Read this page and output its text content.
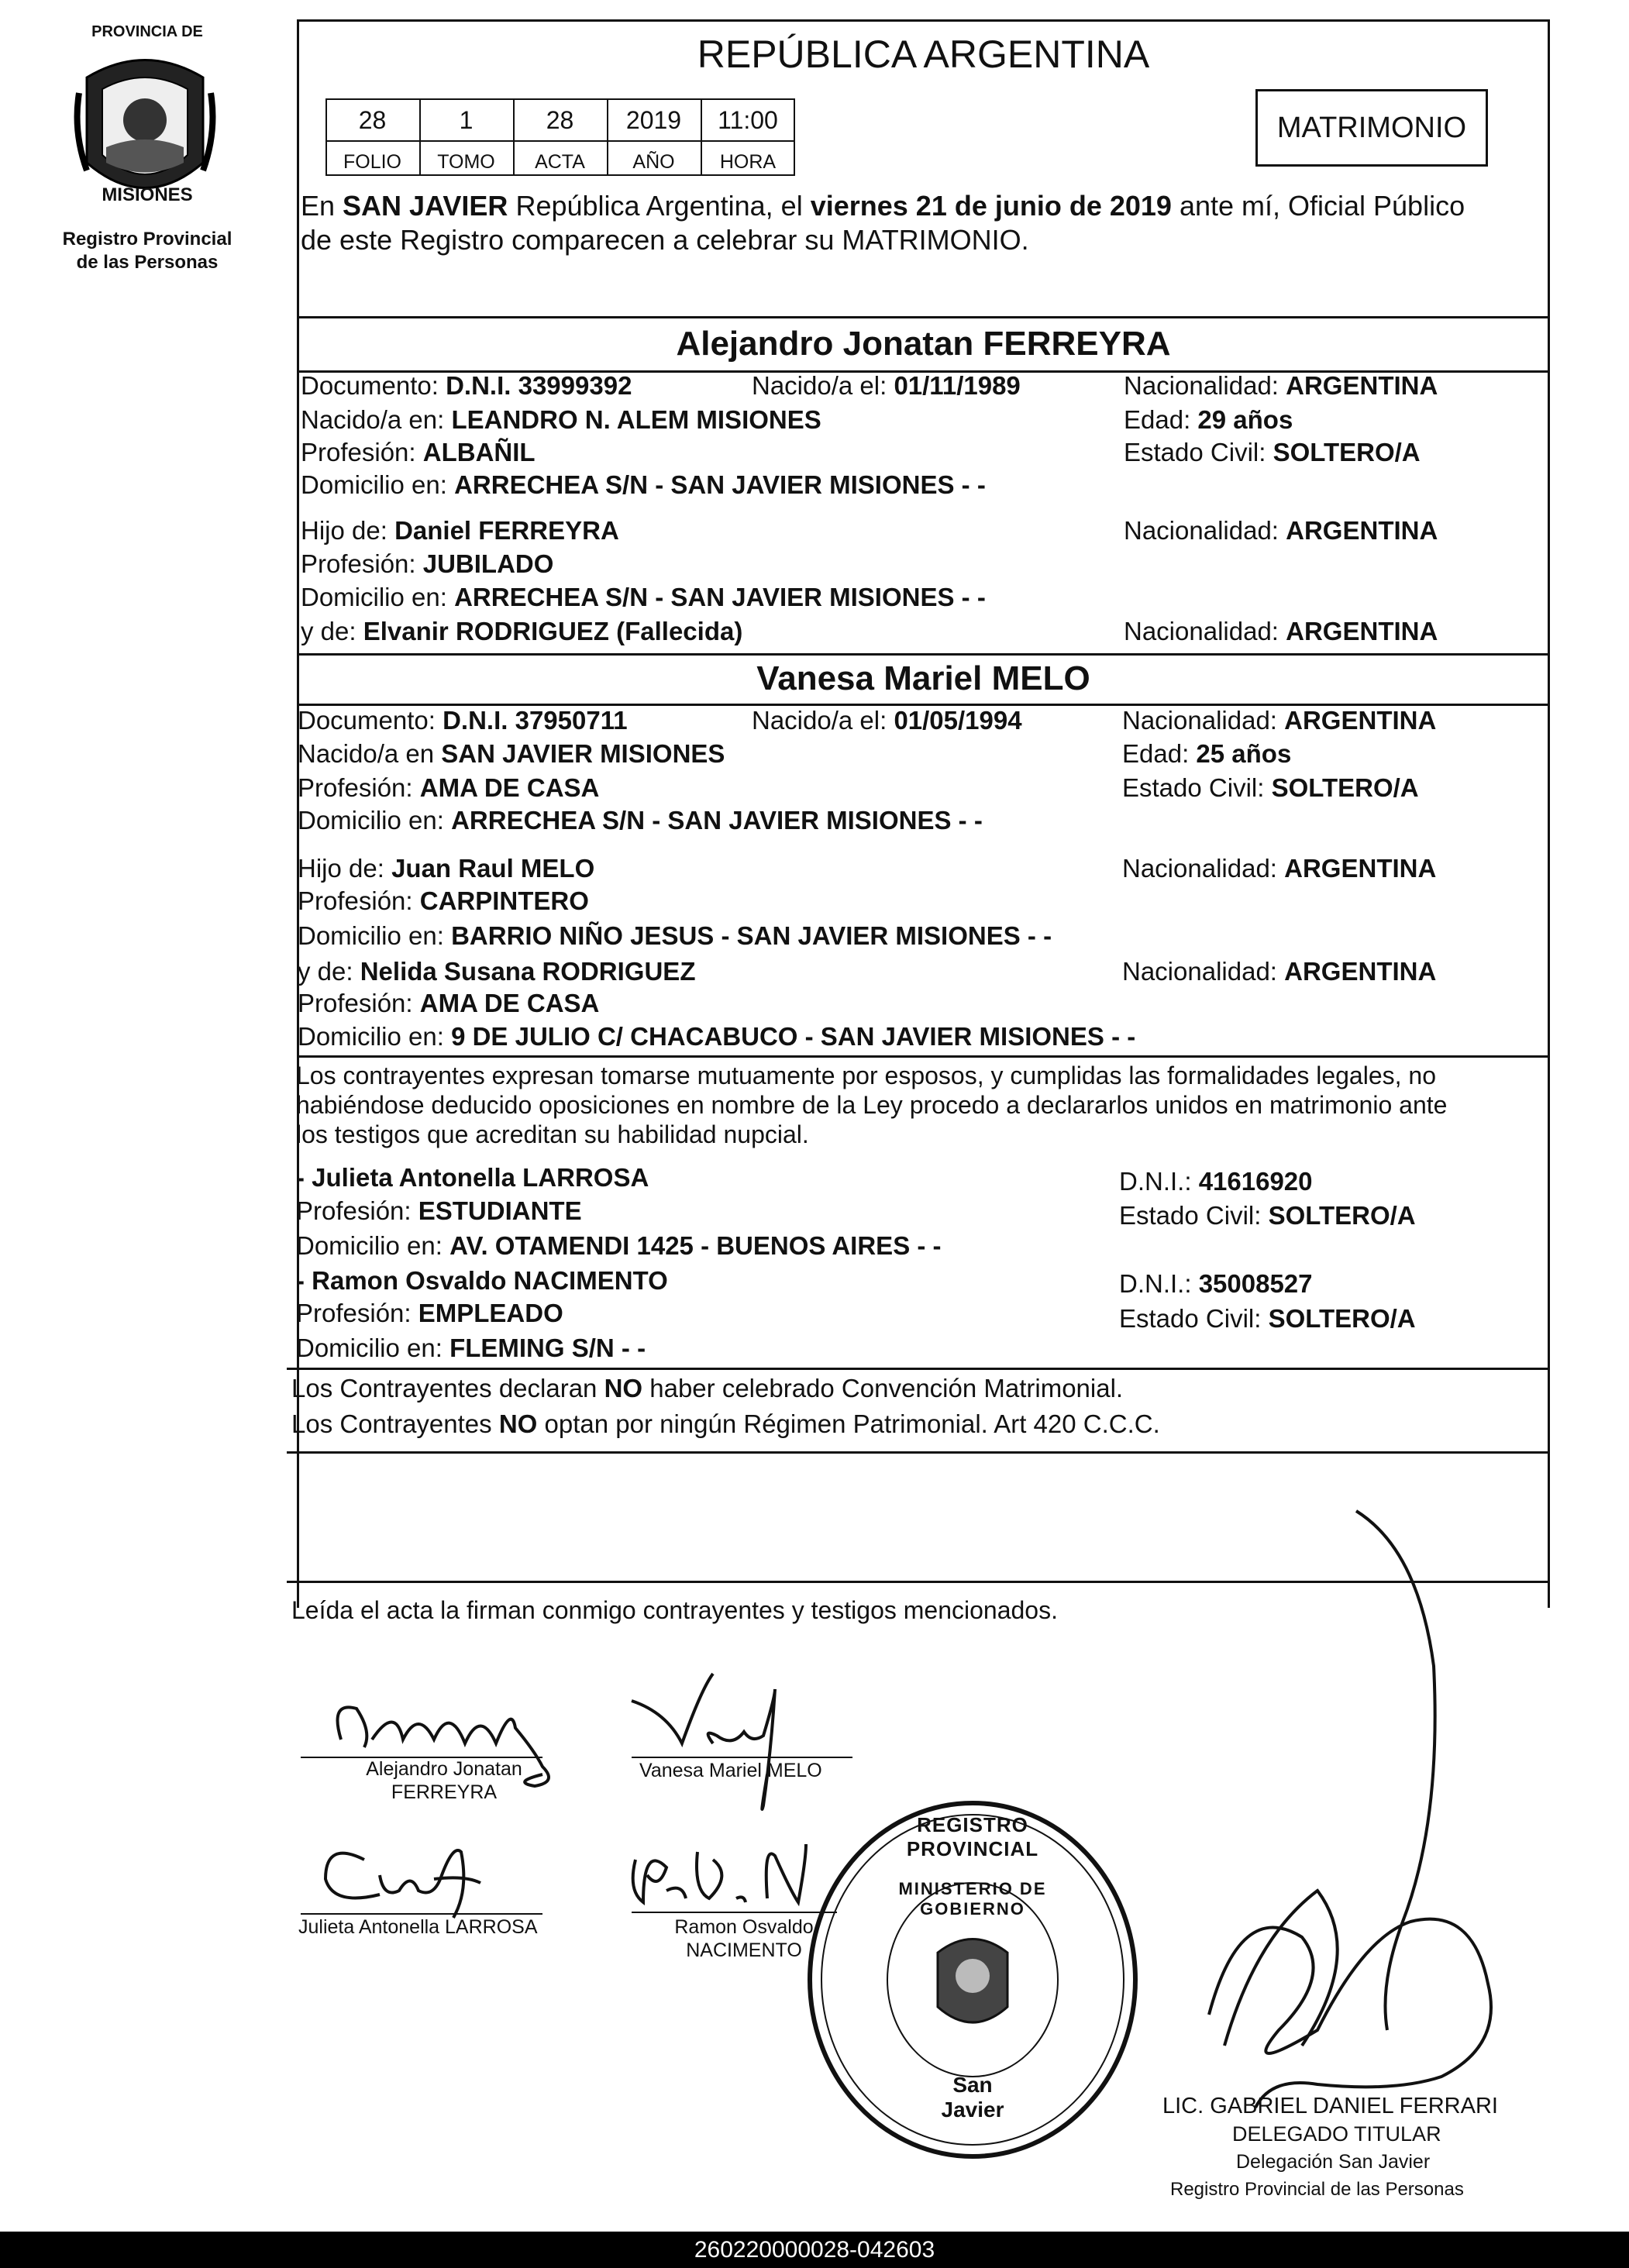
PROVINCIA DE
MISIONES
Registro Provincial
de las Personas
REPÚBLICA ARGENTINA
MATRIMONIO
28	1	28	2019	11:00
FOLIO	TOMO	ACTA	AÑO	HORA
En SAN JAVIER República Argentina, el viernes 21 de junio de 2019 ante mí, Oficial Público
de este Registro comparecen a celebrar su MATRIMONIO.
Alejandro Jonatan FERREYRA
Documento: D.N.I. 33999392	Nacido/a el: 01/11/1989	Nacionalidad: ARGENTINA
Nacido/a en: LEANDRO N. ALEM MISIONES	Edad: 29 años
Profesión: ALBAÑIL	Estado Civil: SOLTERO/A
Domicilio en: ARRECHEA S/N - SAN JAVIER MISIONES - -
Hijo de: Daniel FERREYRA	Nacionalidad: ARGENTINA
Profesión: JUBILADO
Domicilio en: ARRECHEA S/N - SAN JAVIER MISIONES - -
y de: Elvanir RODRIGUEZ (Fallecida)	Nacionalidad: ARGENTINA
Vanesa Mariel MELO
Documento: D.N.I. 37950711	Nacido/a el: 01/05/1994	Nacionalidad: ARGENTINA
Nacido/a en SAN JAVIER MISIONES	Edad: 25 años
Profesión: AMA DE CASA	Estado Civil: SOLTERO/A
Domicilio en: ARRECHEA S/N - SAN JAVIER MISIONES - -
Hijo de: Juan Raul MELO	Nacionalidad: ARGENTINA
Profesión: CARPINTERO
Domicilio en: BARRIO NIÑO JESUS - SAN JAVIER MISIONES - -
y de: Nelida Susana RODRIGUEZ	Nacionalidad: ARGENTINA
Profesión: AMA DE CASA
Domicilio en: 9 DE JULIO C/ CHACABUCO - SAN JAVIER MISIONES - -
Los contrayentes expresan tomarse mutuamente por esposos, y cumplidas las formalidades legales, no
habiéndose deducido oposiciones en nombre de la Ley procedo a declararlos unidos en matrimonio ante
los testigos que acreditan su habilidad nupcial.
- Julieta Antonella LARROSA	D.N.I.: 41616920
Profesión: ESTUDIANTE	Estado Civil: SOLTERO/A
Domicilio en: AV. OTAMENDI 1425 - BUENOS AIRES - -
- Ramon Osvaldo NACIMENTO	D.N.I.: 35008527
Profesión: EMPLEADO	Estado Civil: SOLTERO/A
Domicilio en: FLEMING S/N - -
Los Contrayentes declaran NO haber celebrado Convención Matrimonial.
Los Contrayentes NO optan por ningún Régimen Patrimonial. Art 420 C.C.C.
Leída el acta la firman conmigo contrayentes y testigos mencionados.
Alejandro Jonatan
FERREYRA
Vanesa Mariel MELO
Julieta Antonella LARROSA	Ramon Osvaldo
NACIMENTO
MINISTERIO DE GOBIERNO
San Javier
REGISTRO PROVINCIAL
LIC. GABRIEL DANIEL FERRARI
DELEGADO TITULAR
Delegación San Javier
Registro Provincial de las Personas
260220000028-042603
